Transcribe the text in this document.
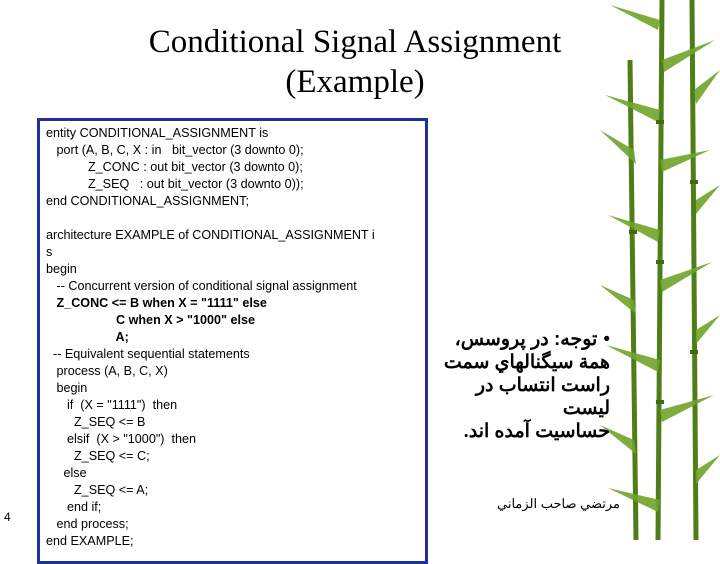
Conditional Signal Assignment
(Example)
entity CONDITIONAL_ASSIGNMENT is
port (A, B, C, X : in   bit_vector (3 downto 0);
Z_CONC : out bit_vector (3 downto 0);
Z_SEQ   : out bit_vector (3 downto 0));
end CONDITIONAL_ASSIGNMENT;
architecture EXAMPLE of CONDITIONAL_ASSIGNMENT i
s
begin
-- Concurrent version of conditional signal assignment
Z_CONC <= B when X = "1111" else
C when X > "1000" else
A;
-- Equivalent sequential statements
process (A, B, C, X)
begin
if  (X = "1111")  then
Z_SEQ <= B
elsif  (X > "1000")  then
Z_SEQ <= C;
else
Z_SEQ <= A;
end if;
end process;
end EXAMPLE;
4
•توجه: در پروسس،
همة سيگنالهاي سمت
راست انتساب در ليست
حساسيت آمده اند.
مرتضي صاحب الزماني
